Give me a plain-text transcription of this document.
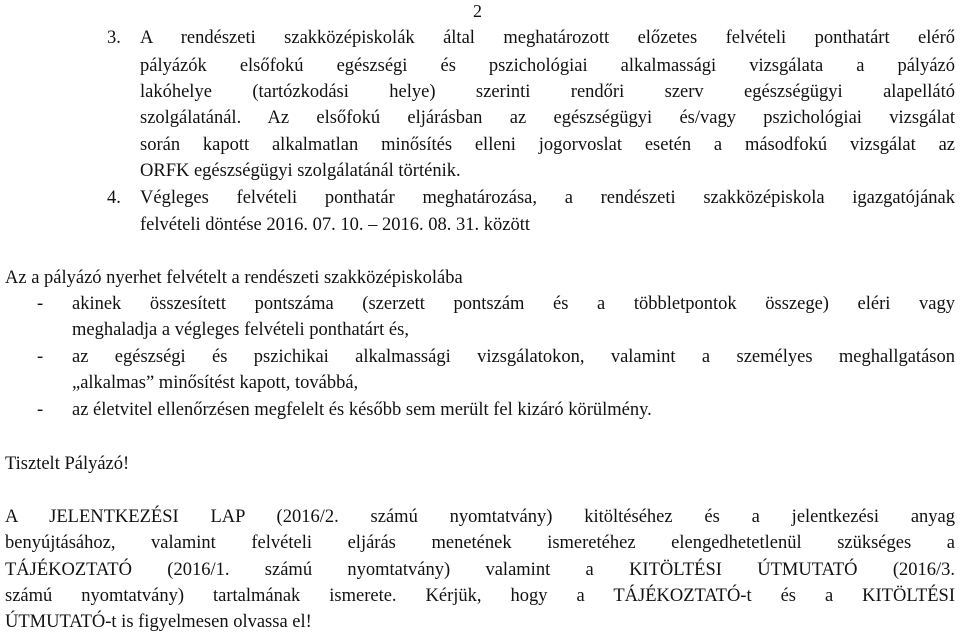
2
3. A rendészeti szakközépiskolák által meghatározott előzetes felvételi ponthatárt elérő
pályázók elsőfokú egészségi és pszichológiai alkalmassági vizsgálata a pályázó
lakóhelye (tartózkodási helye) szerinti rendőri szerv egészségügyi alapellátó
szolgálatánál. Az elsőfokú eljárásban az egészségügyi és/vagy pszichológiai vizsgálat
során kapott alkalmatlan minősítés elleni jogorvoslat esetén a másodfokú vizsgálat az
ORFK egészségügyi szolgálatánál történik.
4. Végleges felvételi ponthatár meghatározása, a rendészeti szakközépiskola igazgatójának
felvételi döntése 2016. 07. 10. – 2016. 08. 31. között
Az a pályázó nyerhet felvételt a rendészeti szakközépiskolába
- akinek összesített pontszáma (szerzett pontszám és a többletpontok összege) eléri vagy
meghaladja a végleges felvételi ponthatárt és,
- az egészségi és pszichikai alkalmassági vizsgálatokon, valamint a személyes meghallgatáson
„alkalmas” minősítést kapott, továbbá,
- az életvitel ellenőrzésen megfelelt és később sem merült fel kizáró körülmény.
Tisztelt Pályázó!
A JELENTKEZÉSI LAP (2016/2. számú nyomtatvány) kitöltéséhez és a jelentkezési anyag
benyújtásához, valamint felvételi eljárás menetének ismeretéhez elengedhetetlenül szükséges a
TÁJÉKOZTATÓ (2016/1. számú nyomtatvány) valamint a KITÖLTÉSI ÚTMUTATÓ (2016/3.
számú nyomtatvány) tartalmának ismerete. Kérjük, hogy a TÁJÉKOZTATÓ-t és a KITÖLTÉSI
ÚTMUTATÓ-t is figyelmesen olvassa el!
